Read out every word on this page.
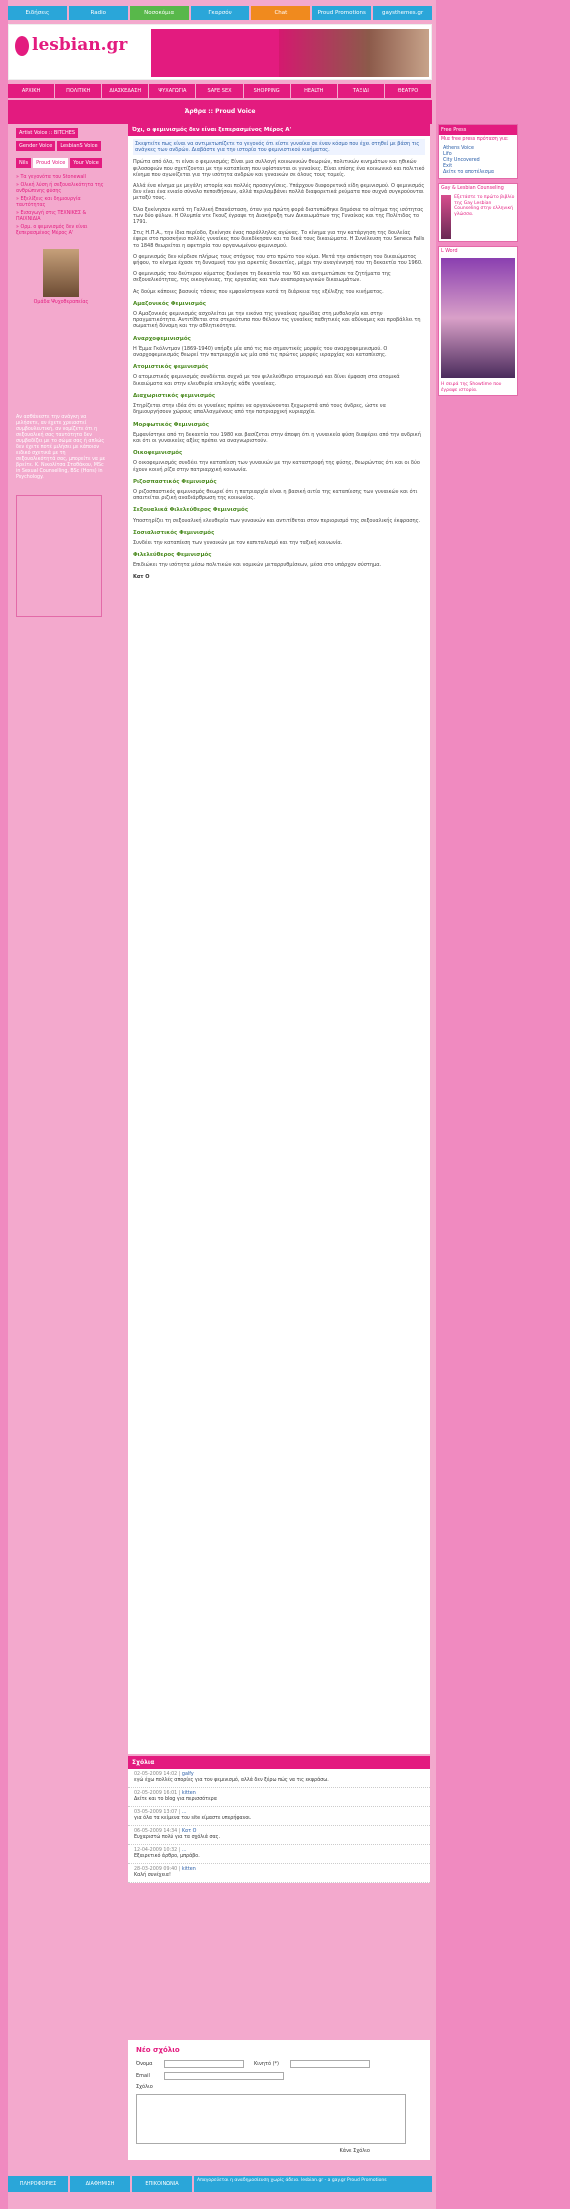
Ειδήσεις	Radio	Νοσοκόμια	Γκαρσόν	Chat	Proud Promotions	gaysthemes.gr
lesbian.gr
ΑΡΧΙΚΗ	ΠΟΛΙΤΙΚΗ	ΔΙΑΣΚΕΔΑΣΗ	ΨΥΧΑΓΩΓΙΑ	SAFE SEX	SHOPPING	HEALTH	ΤΑΞΙΔΙ	ΘΕΑΤΡΟ
Άρθρα :: Proud Voice
Artist Voice :: BITCHES

Gender Voice	LesbianS Voice
Nils	Proud Voice	Your Voice
» Τα γεγονότα του Stonewall
» Ολική λύση ή σεξουαλικότητα της ανθρώπινης φύσης
» Εξελίξεις και δημιουργία ταυτότητας
» Εισαγωγή στις ΤΕΧΝΙΚΕΣ & ΠΑΙΧΝΙΔΙΑ
» Ορμ. ο φεμινισμός δεν είναι ξεπερασμένος Μέρος Α'
Ομάδα Ψυχοθεραπείας
Αν ασθάνεστε την ανάγκη να μιλήσετε, αν έχετε χρειαστεί συμβουλευτική, αν νομίζετε ότι η σεξουαλική σας ταυτότητα δεν συμβαδίζει με το σώμα σας ή απλώς δεν έχετε ποτέ μιλήσει με κάποιον ειδικό σχετικά με τη σεξουαλικότητά σας, μπορείτε να με βρείτε. Κ. Νικολίτσα Σταθάκου, MSc in Sexual Counselling, BSc (Hons) in Psychology.
Όχι, ο φεμινισμός δεν είναι ξεπερασμένος Μέρος Α'
Σκεφτείτε πως είναι να αντιμετωπίζετε το γεγονός ότι είστε γυναίκα σε έναν κόσμο που έχει στηθεί με βάση τις ανάγκες των ανδρών. Διαβάστε για την ιστορία του φεμινιστικού κινήματος.

Πρώτα από όλα, τι είναι ο φεμινισμός; Είναι μια συλλογή κοινωνικών θεωριών, πολιτικών κινημάτων και ηθικών φιλοσοφιών που σχετίζονται με την καταπίεση που υφίστανται οι γυναίκες. Είναι επίσης ένα κοινωνικό και πολιτικό κίνημα που αγωνίζεται για την ισότητα ανδρών και γυναικών σε όλους τους τομείς.

Αλλά ένα κίνημα με μεγάλη ιστορία και πολλές προσεγγίσεις. Υπάρχουν διαφορετικά είδη φεμινισμού. Ο φεμινισμός δεν είναι ένα ενιαίο σύνολο πεποιθήσεων, αλλά περιλαμβάνει πολλά διαφορετικά ρεύματα που συχνά συγκρούονται μεταξύ τους.

Όλα ξεκίνησαν κατά τη Γαλλική Επανάσταση, όταν για πρώτη φορά διατυπώθηκε δημόσια το αίτημα της ισότητας των δύο φύλων. Η Ολυμπία ντε Γκουζ έγραψε τη Διακήρυξη των Δικαιωμάτων της Γυναίκας και της Πολίτιδος το 1791.

Στις Η.Π.Α., την ίδια περίοδο, ξεκίνησε ένας παράλληλος αγώνας. Το κίνημα για την κατάργηση της δουλείας έφερε στο προσκήνιο πολλές γυναίκες που διεκδίκησαν και τα δικά τους δικαιώματα. Η Συνέλευση του Seneca Falls το 1848 θεωρείται η αφετηρία του οργανωμένου φεμινισμού.

Ο φεμινισμός δεν κέρδισε πλήρως τους στόχους του στο πρώτο του κύμα. Μετά την απόκτηση του δικαιώματος ψήφου, το κίνημα έχασε τη δυναμική του για αρκετές δεκαετίες, μέχρι την αναγέννησή του τη δεκαετία του 1960.

Ο φεμινισμός του δεύτερου κύματος ξεκίνησε τη δεκαετία του '60 και αντιμετώπισε τα ζητήματα της σεξουαλικότητας, της οικογένειας, της εργασίας και των αναπαραγωγικών δικαιωμάτων.

Ας δούμε κάποιες βασικές τάσεις που εμφανίστηκαν κατά τη διάρκεια της εξέλιξης του κινήματος.

Αμαζονικός Φεμινισμός

Ο Αμαζονικός φεμινισμός ασχολείται με την εικόνα της γυναίκας ηρωίδας στη μυθολογία και στην πραγματικότητα. Αντιτίθεται στα στερεότυπα που θέλουν τις γυναίκες παθητικές και αδύναμες και προβάλλει τη σωματική δύναμη και την αθλητικότητα.

Αναρχοφεμινισμός

Η Έμμα Γκόλντμαν (1869-1940) υπήρξε μία από τις πιο σημαντικές μορφές του αναρχοφεμινισμού. Ο αναρχοφεμινισμός θεωρεί την πατριαρχία ως μία από τις πρώτες μορφές ιεραρχίας και καταπίεσης.

Ατομιστικός φεμινισμός

Ο ατομιστικός φεμινισμός συνδέεται συχνά με τον φιλελεύθερο ατομικισμό και δίνει έμφαση στα ατομικά δικαιώματα και στην ελευθερία επιλογής κάθε γυναίκας.

Διαχωριστικός φεμινισμός

Στηρίζεται στην ιδέα ότι οι γυναίκες πρέπει να οργανώνονται ξεχωριστά από τους άνδρες, ώστε να δημιουργήσουν χώρους απαλλαγμένους από την πατριαρχική κυριαρχία.

Μορφωτικός Φεμινισμός

Εμφανίστηκε από τη δεκαετία του 1980 και βασίζεται στην άποψη ότι η γυναικεία φύση διαφέρει από την ανδρική και ότι οι γυναικείες αξίες πρέπει να αναγνωριστούν.

Οικοφεμινισμός

Ο οικοφεμινισμός συνδέει την καταπίεση των γυναικών με την καταστροφή της φύσης, θεωρώντας ότι και οι δύο έχουν κοινή ρίζα στην πατριαρχική κοινωνία.

Ριζοσπαστικός Φεμινισμός

Ο ριζοσπαστικός φεμινισμός θεωρεί ότι η πατριαρχία είναι η βασική αιτία της καταπίεσης των γυναικών και ότι απαιτείται ριζική αναδιάρθρωση της κοινωνίας.

Σεξουαλικά Φιλελεύθερος Φεμινισμός

Υποστηρίζει τη σεξουαλική ελευθερία των γυναικών και αντιτίθεται στον περιορισμό της σεξουαλικής έκφρασης.

Σοσιαλιστικός Φεμινισμός

Συνδέει την καταπίεση των γυναικών με τον καπιταλισμό και την ταξική κοινωνία.

Φιλελεύθερος Φεμινισμός

Επιδιώκει την ισότητα μέσω πολιτικών και νομικών μεταρρυθμίσεων, μέσα στο υπάρχον σύστημα.

Κατ Ο
Σχόλια
02-05-2009 14:02 | galfy
εγώ έχω πολλές απορίες για τον φεμινισμό, αλλά δεν ξέρω πώς να τις εκφράσω.
02-05-2009 16:01 | kitten
Δείτε και το blog για περισσότερα
03-05-2009 13:07 | ...
για όλα τα κείμενα του site είμαστε υπερήφανοι.
06-05-2009 14:34 | Κατ Ο
Ευχαριστώ πολύ για τα σχόλιά σας.
12-04-2009 10:32 | ...
Εξαιρετικό άρθρο, μπράβο.
28-03-2009 09:40 | kitten
Καλή συνέχεια!
Νέο σχόλιο
Όνομα	Κινητό (*)
Email
Σχόλιο
Κάνε Σχόλιο
ΠΛΗΡΟΦΟΡΙΕΣ	ΔΙΑΦΗΜΙΣΗ	ΕΠΙΚΟΙΝΩΝΙΑ
Απαγορεύεται η αναδημοσίευση χωρίς άδεια. lesbian.gr - a gay.gr Proud Promotions
Free Press
Μια free press πρόταση για:
Athens Voice
Lifo
City Uncovered
Exit
Δείτε το αποτέλεσμα
Gay & Lesbian Counseling
Εξετάστε το πρώτο βιβλίο της Gay Lesbian Counseling στην ελληνική γλώσσα.
L Word
Η σειρά της Showtime που έγραψε ιστορία.
